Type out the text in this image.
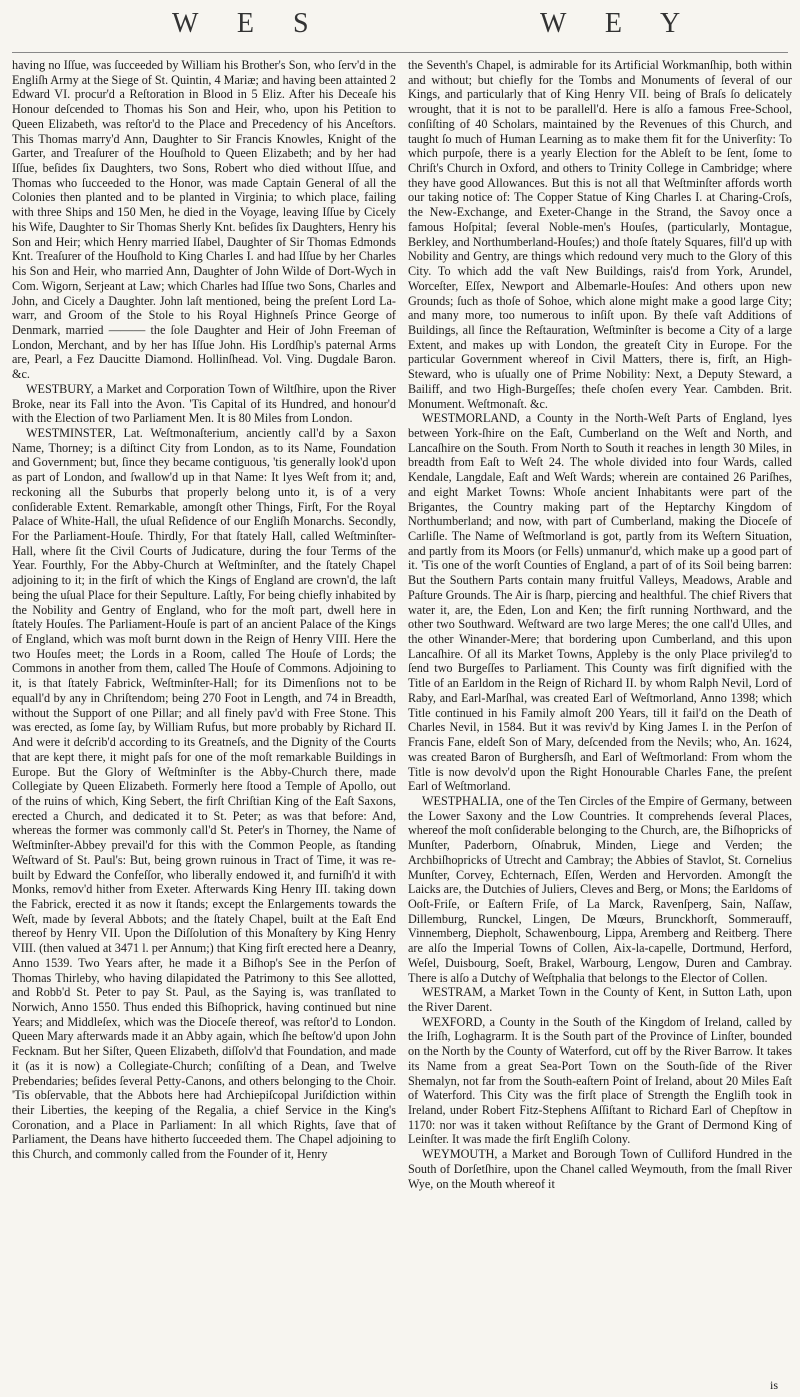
W E S	W E Y

having no Iſſue, was ſucceeded by William his Brother's Son, who ſerv'd in the Engliſh Army at the Siege of St. Quintin, 4 Mariæ; and having been attainted 2 Edward VI. procur'd a Reſtoration in Blood in 5 Eliz. After his Deceaſe his Honour deſcended to Thomas his Son and Heir, who, upon his Petition to Queen Elizabeth, was reſtor'd to the Place and Precedency of his Anceſtors. This Thomas marry'd Ann, Daughter to Sir Francis Knowles, Knight of the Garter, and Treaſurer of the Houſhold to Queen Elizabeth; and by her had Iſſue, beſides ſix Daughters, two Sons, Robert who died without Iſſue, and Thomas who ſucceeded to the Honor, was made Captain General of all the Colonies then planted and to be planted in Virginia; to which place, failing with three Ships and 150 Men, he died in the Voyage, leaving Iſſue by Cicely his Wife, Daughter to Sir Thomas Sherly Knt. beſides ſix Daughters, Henry his Son and Heir; which Henry married Iſabel, Daughter of Sir Thomas Edmonds Knt. Treaſurer of the Houſhold to King Charles I. and had Iſſue by her Charles his Son and Heir, who married Ann, Daughter of John Wilde of Dort-Wych in Com. Wigorn, Serjeant at Law; which Charles had Iſſue two Sons, Charles and John, and Cicely a Daughter. John laſt mentioned, being the preſent Lord La-warr, and Groom of the Stole to his Royal Highneſs Prince George of Denmark, married ——— the ſole Daughter and Heir of John Freeman of London, Merchant, and by her has Iſſue John. His Lordſhip's paternal Arms are, Pearl, a Fez Daucitte Diamond. Hollinſhead. Vol. Ving. Dugdale Baron. &c.

WESTBURY, a Market and Corporation Town of Wiltſhire, upon the River Broke, near its Fall into the Avon. 'Tis Capital of its Hundred, and honour'd with the Election of two Parliament Men. It is 80 Miles from London.

WESTMINSTER, Lat. Weſtmonaſterium, anciently call'd by a Saxon Name, Thorney; is a diſtinct City from London, as to its Name, Foundation and Government; but, ſince they became contiguous, 'tis generally look'd upon as part of London, and ſwallow'd up in that Name: It lyes Weſt from it; and, reckoning all the Suburbs that properly belong unto it, is of a very conſiderable Extent. Remarkable, amongſt other Things, Firſt, For the Royal Palace of White-Hall, the uſual Reſidence of our Engliſh Monarchs. Secondly, For the Parliament-Houſe. Thirdly, For that ſtately Hall, called Weſtminſter-Hall, where ſit the Civil Courts of Judicature, during the four Terms of the Year. Fourthly, For the Abby-Church at Weſtminſter, and the ſtately Chapel adjoining to it; in the firſt of which the Kings of England are crown'd, the laſt being the uſual Place for their Sepulture. Laſtly, For being chiefly inhabited by the Nobility and Gentry of England, who for the moſt part, dwell here in ſtately Houſes. The Parliament-Houſe is part of an ancient Palace of the Kings of England, which was moſt burnt down in the Reign of Henry VIII. Here the two Houſes meet; the Lords in a Room, called The Houſe of Lords; the Commons in another from them, called The Houſe of Commons. Adjoining to it, is that ſtately Fabrick, Weſtminſter-Hall; for its Dimenſions not to be equall'd by any in Chriſtendom; being 270 Foot in Length, and 74 in Breadth, without the Support of one Pillar; and all finely pav'd with Free Stone. This was erected, as ſome ſay, by William Rufus, but more probably by Richard II. And were it deſcrib'd according to its Greatneſs, and the Dignity of the Courts that are kept there, it might paſs for one of the moſt remarkable Buildings in Europe. But the Glory of Weſtminſter is the Abby-Church there, made Collegiate by Queen Elizabeth. Formerly here ſtood a Temple of Apollo, out of the ruins of which, King Sebert, the firſt Chriſtian King of the Eaſt Saxons, erected a Church, and dedicated it to St. Peter; as was that before: And, whereas the former was commonly call'd St. Peter's in Thorney, the Name of Weſtminſter-Abbey prevail'd for this with the Common People, as ſtanding Weſtward of St. Paul's: But, being grown ruinous in Tract of Time, it was re-built by Edward the Confeſſor, who liberally endowed it, and furniſh'd it with Monks, remov'd hither from Exeter. Afterwards King Henry III. taking down the Fabrick, erected it as now it ſtands; except the Enlargements towards the Weſt, made by ſeveral Abbots; and the ſtately Chapel, built at the Eaſt End thereof by Henry VII. Upon the Diſſolution of this Monaſtery by King Henry VIII. (then valued at 3471 l. per Annum;) that King firſt erected here a Deanry, Anno 1539. Two Years after, he made it a Biſhop's See in the Perſon of Thomas Thirleby, who having dilapidated the Patrimony to this See allotted, and Robb'd St. Peter to pay St. Paul, as the Saying is, was tranſlated to Norwich, Anno 1550. Thus ended this Biſhoprick, having continued but nine Years; and Middleſex, which was the Dioceſe thereof, was reſtor'd to London. Queen Mary afterwards made it an Abby again, which ſhe beſtow'd upon John Fecknam. But her Siſter, Queen Elizabeth, diſſolv'd that Foundation, and made it (as it is now) a Collegiate-Church; conſiſting of a Dean, and Twelve Prebendaries; beſides ſeveral Petty-Canons, and others belonging to the Choir. 'Tis obſervable, that the Abbots here had Archiepiſcopal Juriſdiction within their Liberties, the keeping of the Regalia, a chief Service in the King's Coronation, and a Place in Parliament: In all which Rights, ſave that of Parliament, the Deans have hitherto ſucceeded them. The Chapel adjoining to this Church, and commonly called from the Founder of it, Henry

the Seventh's Chapel, is admirable for its Artificial Workmanſhip, both within and without; but chiefly for the Tombs and Monuments of ſeveral of our Kings, and particularly that of King Henry VII. being of Braſs ſo delicately wrought, that it is not to be parallell'd. Here is alſo a famous Free-School, conſiſting of 40 Scholars, maintained by the Revenues of this Church, and taught ſo much of Human Learning as to make them fit for the Univerſity: To which purpoſe, there is a yearly Election for the Ableſt to be ſent, ſome to Chriſt's Church in Oxford, and others to Trinity College in Cambridge; where they have good Allowances. But this is not all that Weſtminſter affords worth our taking notice of: The Copper Statue of King Charles I. at Charing-Croſs, the New-Exchange, and Exeter-Change in the Strand, the Savoy once a famous Hoſpital; ſeveral Noble-men's Houſes, (particularly, Montague, Berkley, and Northumberland-Houſes;) and thoſe ſtately Squares, fill'd up with Nobility and Gentry, are things which redound very much to the Glory of this City. To which add the vaſt New Buildings, rais'd from York, Arundel, Worceſter, Eſſex, Newport and Albemarle-Houſes: And others upon new Grounds; ſuch as thoſe of Sohoe, which alone might make a good large City; and many more, too numerous to inſiſt upon. By theſe vaſt Additions of Buildings, all ſince the Reſtauration, Weſtminſter is become a City of a large Extent, and makes up with London, the greateſt City in Europe. For the particular Government whereof in Civil Matters, there is, firſt, an High-Steward, who is uſually one of Prime Nobility: Next, a Deputy Steward, a Bailiff, and two High-Burgeſſes; theſe choſen every Year. Cambden. Brit. Monument. Weſtmonaſt. &c.

WESTMORLAND, a County in the North-Weſt Parts of England, lyes between York-ſhire on the Eaſt, Cumberland on the Weſt and North, and Lancaſhire on the South. From North to South it reaches in length 30 Miles, in breadth from Eaſt to Weſt 24. The whole divided into four Wards, called Kendale, Langdale, Eaſt and Weſt Wards; wherein are contained 26 Pariſhes, and eight Market Towns: Whoſe ancient Inhabitants were part of the Brigantes, the Country making part of the Heptarchy Kingdom of Northumberland; and now, with part of Cumberland, making the Dioceſe of Carliſle. The Name of Weſtmorland is got, partly from its Weſtern Situation, and partly from its Moors (or Fells) unmanur'd, which make up a good part of it. 'Tis one of the worſt Counties of England, a part of of its Soil being barren: But the Southern Parts contain many fruitful Valleys, Meadows, Arable and Paſture Grounds. The Air is ſharp, piercing and healthful. The chief Rivers that water it, are, the Eden, Lon and Ken; the firſt running Northward, and the other two Southward. Weſtward are two large Meres; the one call'd Ulles, and the other Winander-Mere; that bordering upon Cumberland, and this upon Lancaſhire. Of all its Market Towns, Appleby is the only Place privileg'd to ſend two Burgeſſes to Parliament. This County was firſt dignified with the Title of an Earldom in the Reign of Richard II. by whom Ralph Nevil, Lord of Raby, and Earl-Marſhal, was created Earl of Weſtmorland, Anno 1398; which Title continued in his Family almoſt 200 Years, till it fail'd on the Death of Charles Nevil, in 1584. But it was reviv'd by King James I. in the Perſon of Francis Fane, eldeſt Son of Mary, deſcended from the Nevils; who, An. 1624, was created Baron of Burghersſh, and Earl of Weſtmorland: From whom the Title is now devolv'd upon the Right Honourable Charles Fane, the preſent Earl of Weſtmorland.

WESTPHALIA, one of the Ten Circles of the Empire of Germany, between the Lower Saxony and the Low Countries. It comprehends ſeveral Places, whereof the moſt conſiderable belonging to the Church, are, the Biſhopricks of Munſter, Paderborn, Oſnabruk, Minden, Liege and Verden; the Archbiſhopricks of Utrecht and Cambray; the Abbies of Stavlot, St. Cornelius Munſter, Corvey, Echternach, Eſſen, Werden and Hervorden. Amongſt the Laicks are, the Dutchies of Juliers, Cleves and Berg, or Mons; the Earldoms of Ooſt-Friſe, or Eaſtern Friſe, of La Marck, Ravenſperg, Sain, Naſſaw, Dillemburg, Runckel, Lingen, De Mœurs, Brunckhorſt, Sommerauff, Vinnemberg, Diepholt, Schawenbourg, Lippa, Aremberg and Reitberg. There are alſo the Imperial Towns of Collen, Aix-la-capelle, Dortmund, Herford, Weſel, Duisbourg, Soeſt, Brakel, Warbourg, Lengow, Duren and Cambray. There is alſo a Dutchy of Weſtphalia that belongs to the Elector of Collen.

WESTRAM, a Market Town in the County of Kent, in Sutton Lath, upon the River Darent.

WEXFORD, a County in the South of the Kingdom of Ireland, called by the Iriſh, Loghagrarm. It is the South part of the Province of Linſter, bounded on the North by the County of Waterford, cut off by the River Barrow. It takes its Name from a great Sea-Port Town on the South-ſide of the River Shemalyn, not far from the South-eaſtern Point of Ireland, about 20 Miles Eaſt of Waterford. This City was the firſt place of Strength the Engliſh took in Ireland, under Robert Fitz-Stephens Aſſiſtant to Richard Earl of Chepſtow in 1170: nor was it taken without Reſiſtance by the Grant of Dermond King of Leinſter. It was made the firſt Engliſh Colony.

WEYMOUTH, a Market and Borough Town of Culliford Hundred in the South of Dorſetſhire, upon the Chanel called Weymouth, from the ſmall River Wye, on the Mouth whereof it

is
